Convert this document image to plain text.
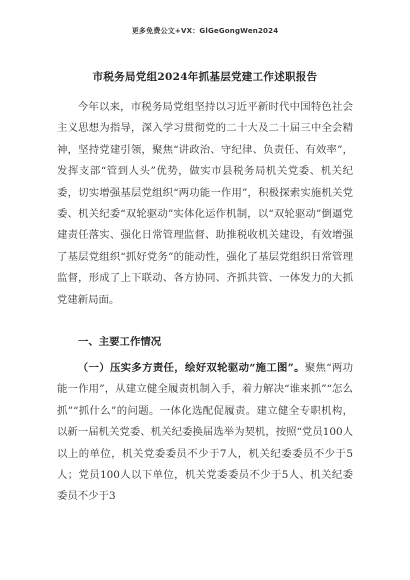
更多免费公文+VX：GlGeGongWen2024
市税务局党组2024年抓基层党建工作述职报告

今年以来，市税务局党组坚持以习近平新时代中国特色社会主义思想为指导，深入学习贯彻党的二十大及二十届三中全会精神，坚持党建引领，聚焦“讲政治、守纪律、负责任、有效率”，发挥支部“管到人头”优势，做实市县税务局机关党委、机关纪委，切实增强基层党组织“两功能一作用”，积极探索实施机关党委、机关纪委“双轮驱动”实体化运作机制，以“双轮驱动”倒逼党建责任落实、强化日常管理监督、助推税收机关建设，有效增强了基层党组织“抓好党务”的能动性，强化了基层党组织日常管理监督，形成了上下联动、各方协同、齐抓共管、一体发力的大抓党建新局面。

一、主要工作情况

（一）压实多方责任，绘好双轮驱动“施工图”。聚焦“两功能一作用”，从建立健全履责机制入手，着力解决“谁来抓”“怎么抓”“抓什么”的问题。一体化选配促履责。建立健全专职机构，以新一届机关党委、机关纪委换届选举为契机，按照“党员100人以上的单位，机关党委委员不少于7人，机关纪委委员不少于5人；党员100人以下单位，机关党委委员不少于5人、机关纪委委员不少于3
